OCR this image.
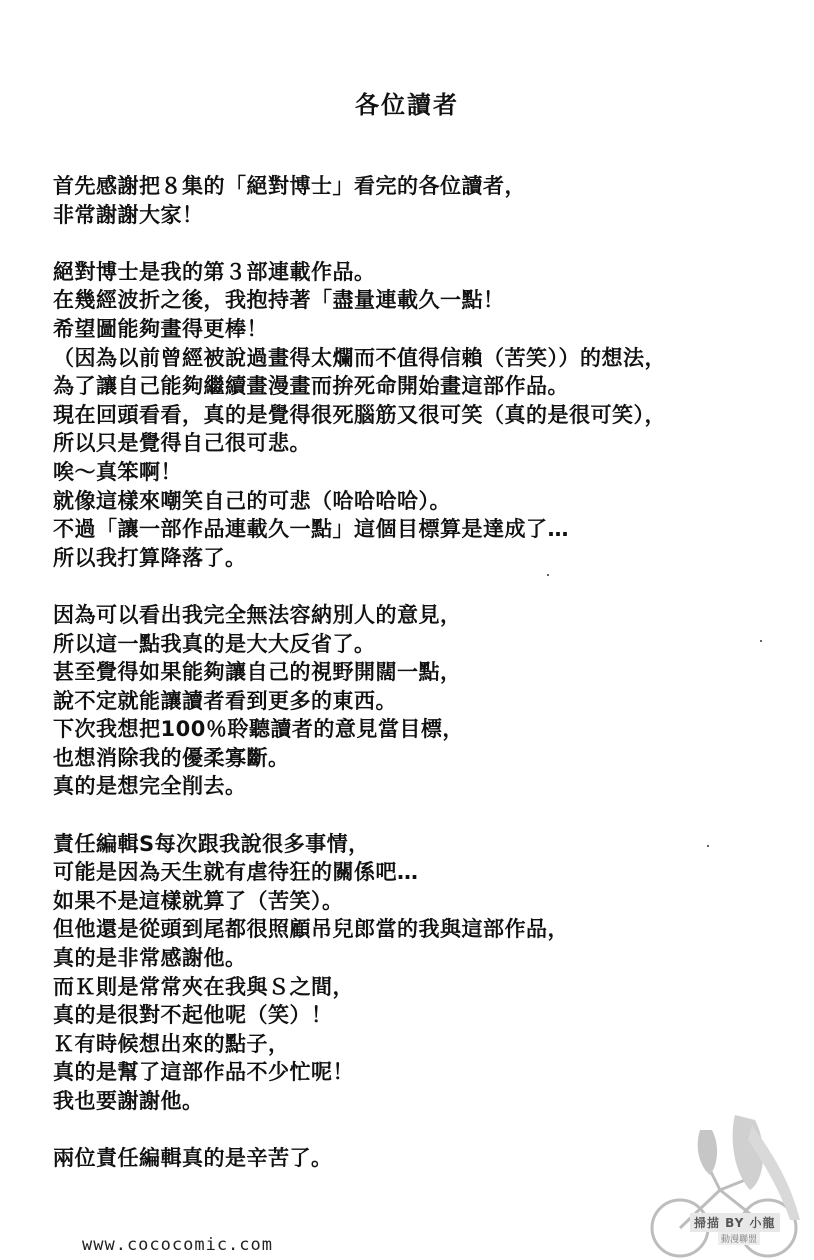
各位讀者
首先感謝把８集的「絕對博士」看完的各位讀者，
非常謝謝大家！
絕對博士是我的第３部連載作品。
在幾經波折之後，我抱持著「盡量連載久一點！
希望圖能夠畫得更棒！
（因為以前曾經被說過畫得太爛而不值得信賴（苦笑））的想法，
為了讓自己能夠繼續畫漫畫而拚死命開始畫這部作品。
現在回頭看看，真的是覺得很死腦筋又很可笑（真的是很可笑），
所以只是覺得自己很可悲。
唉～真笨啊！
就像這樣來嘲笑自己的可悲（哈哈哈哈）。
不過「讓一部作品連載久一點」這個目標算是達成了…
所以我打算降落了。
因為可以看出我完全無法容納別人的意見，
所以這一點我真的是大大反省了。
甚至覺得如果能夠讓自己的視野開闊一點，
說不定就能讓讀者看到更多的東西。
下次我想把100％聆聽讀者的意見當目標，
也想消除我的優柔寡斷。
真的是想完全削去。
責任編輯S每次跟我說很多事情，
可能是因為天生就有虐待狂的關係吧…
如果不是這樣就算了（苦笑）。
但他還是從頭到尾都很照顧吊兒郎當的我與這部作品，
真的是非常感謝他。
而Ｋ則是常常夾在我與Ｓ之間，
真的是很對不起他呢（笑）！
Ｋ有時候想出來的點子，
真的是幫了這部作品不少忙呢！
我也要謝謝他。
兩位責任編輯真的是辛苦了。
掃描 BY 小龍
動漫聯盟
www.cococomic.com
